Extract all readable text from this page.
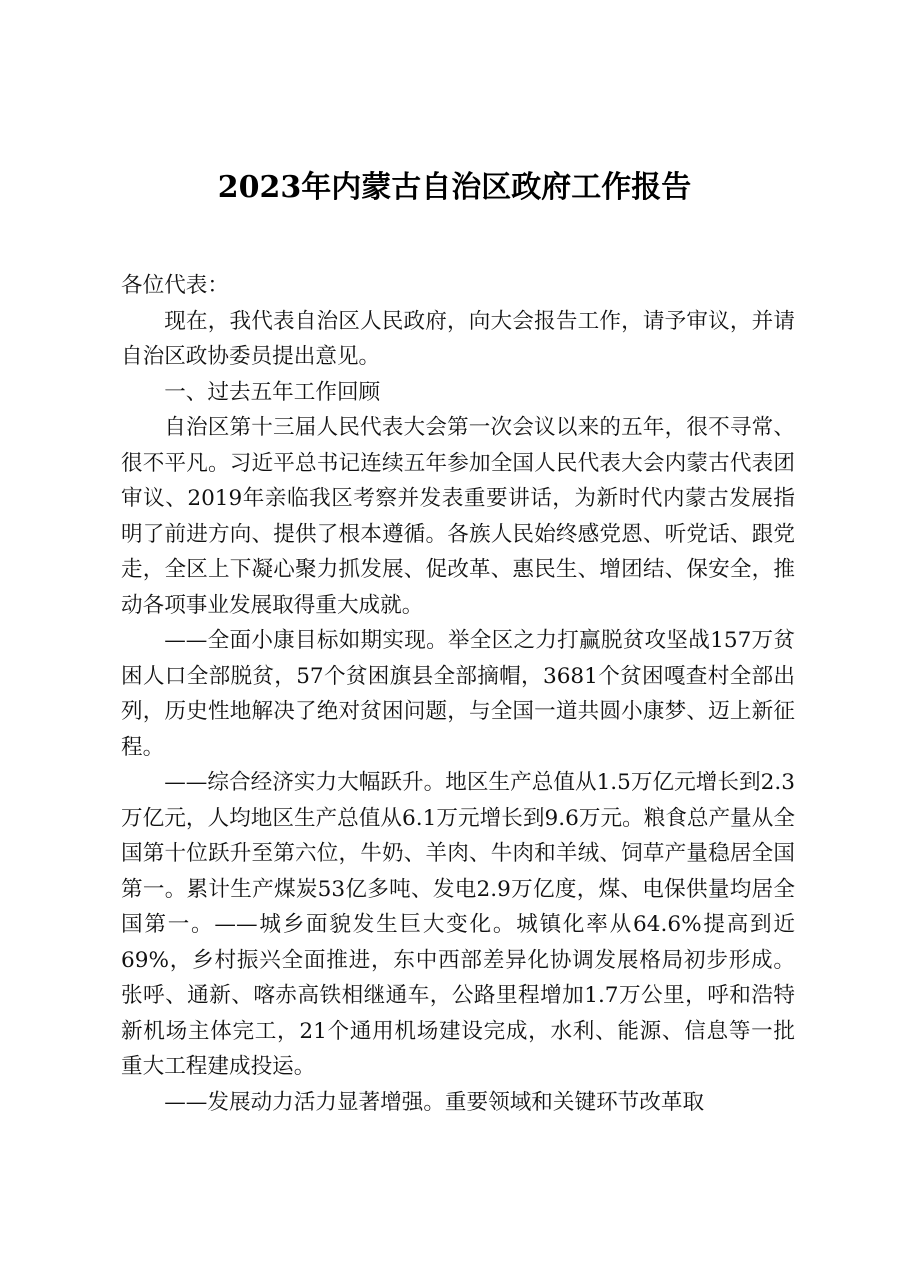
2023年内蒙古自治区政府工作报告

各位代表：

现在，我代表自治区人民政府，向大会报告工作，请予审议，并请自治区政协委员提出意见。

一、过去五年工作回顾

自治区第十三届人民代表大会第一次会议以来的五年，很不寻常、很不平凡。习近平总书记连续五年参加全国人民代表大会内蒙古代表团审议、2019年亲临我区考察并发表重要讲话，为新时代内蒙古发展指明了前进方向、提供了根本遵循。各族人民始终感党恩、听党话、跟党走，全区上下凝心聚力抓发展、促改革、惠民生、增团结、保安全，推动各项事业发展取得重大成就。

——全面小康目标如期实现。举全区之力打赢脱贫攻坚战157万贫困人口全部脱贫，57个贫困旗县全部摘帽，3681个贫困嘎查村全部出列，历史性地解决了绝对贫困问题，与全国一道共圆小康梦、迈上新征程。

——综合经济实力大幅跃升。地区生产总值从1.5万亿元增长到2.3万亿元，人均地区生产总值从6.1万元增长到9.6万元。粮食总产量从全国第十位跃升至第六位，牛奶、羊肉、牛肉和羊绒、饲草产量稳居全国第一。累计生产煤炭53亿多吨、发电2.9万亿度，煤、电保供量均居全国第一。——城乡面貌发生巨大变化。城镇化率从64.6%提高到近69%，乡村振兴全面推进，东中西部差异化协调发展格局初步形成。张呼、通新、喀赤高铁相继通车，公路里程增加1.7万公里，呼和浩特新机场主体完工，21个通用机场建设完成，水利、能源、信息等一批重大工程建成投运。

——发展动力活力显著增强。重要领域和关键环节改革取
